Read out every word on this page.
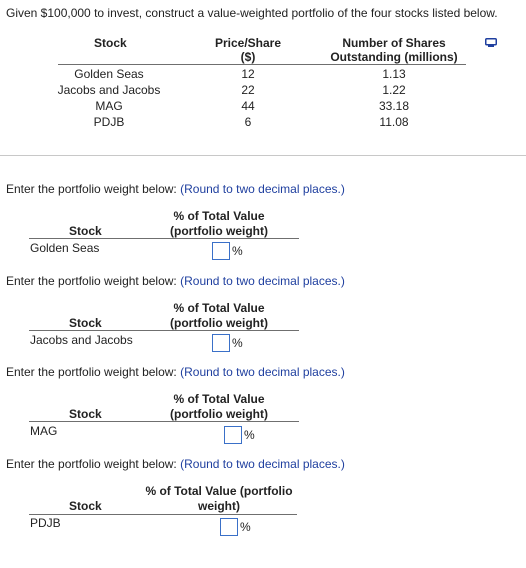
Given $100,000 to invest, construct a value-weighted portfolio of the four stocks listed below.
Stock	Price/Share
($)
Number of Shares
Outstanding (millions)
Golden Seas	12	1.13
Jacobs and Jacobs	22	1.22
MAG	44	33.18
PDJB	6	11.08
Enter the portfolio weight below: (Round to two decimal places.)
% of Total Value
(portfolio weight)
Stock
Golden Seas	%
Enter the portfolio weight below: (Round to two decimal places.)
% of Total Value
(portfolio weight)
Stock
Jacobs and Jacobs	%
Enter the portfolio weight below: (Round to two decimal places.)
% of Total Value
(portfolio weight)
Stock
MAG	%
Enter the portfolio weight below: (Round to two decimal places.)
% of Total Value (portfolio
weight)
Stock
PDJB	%
